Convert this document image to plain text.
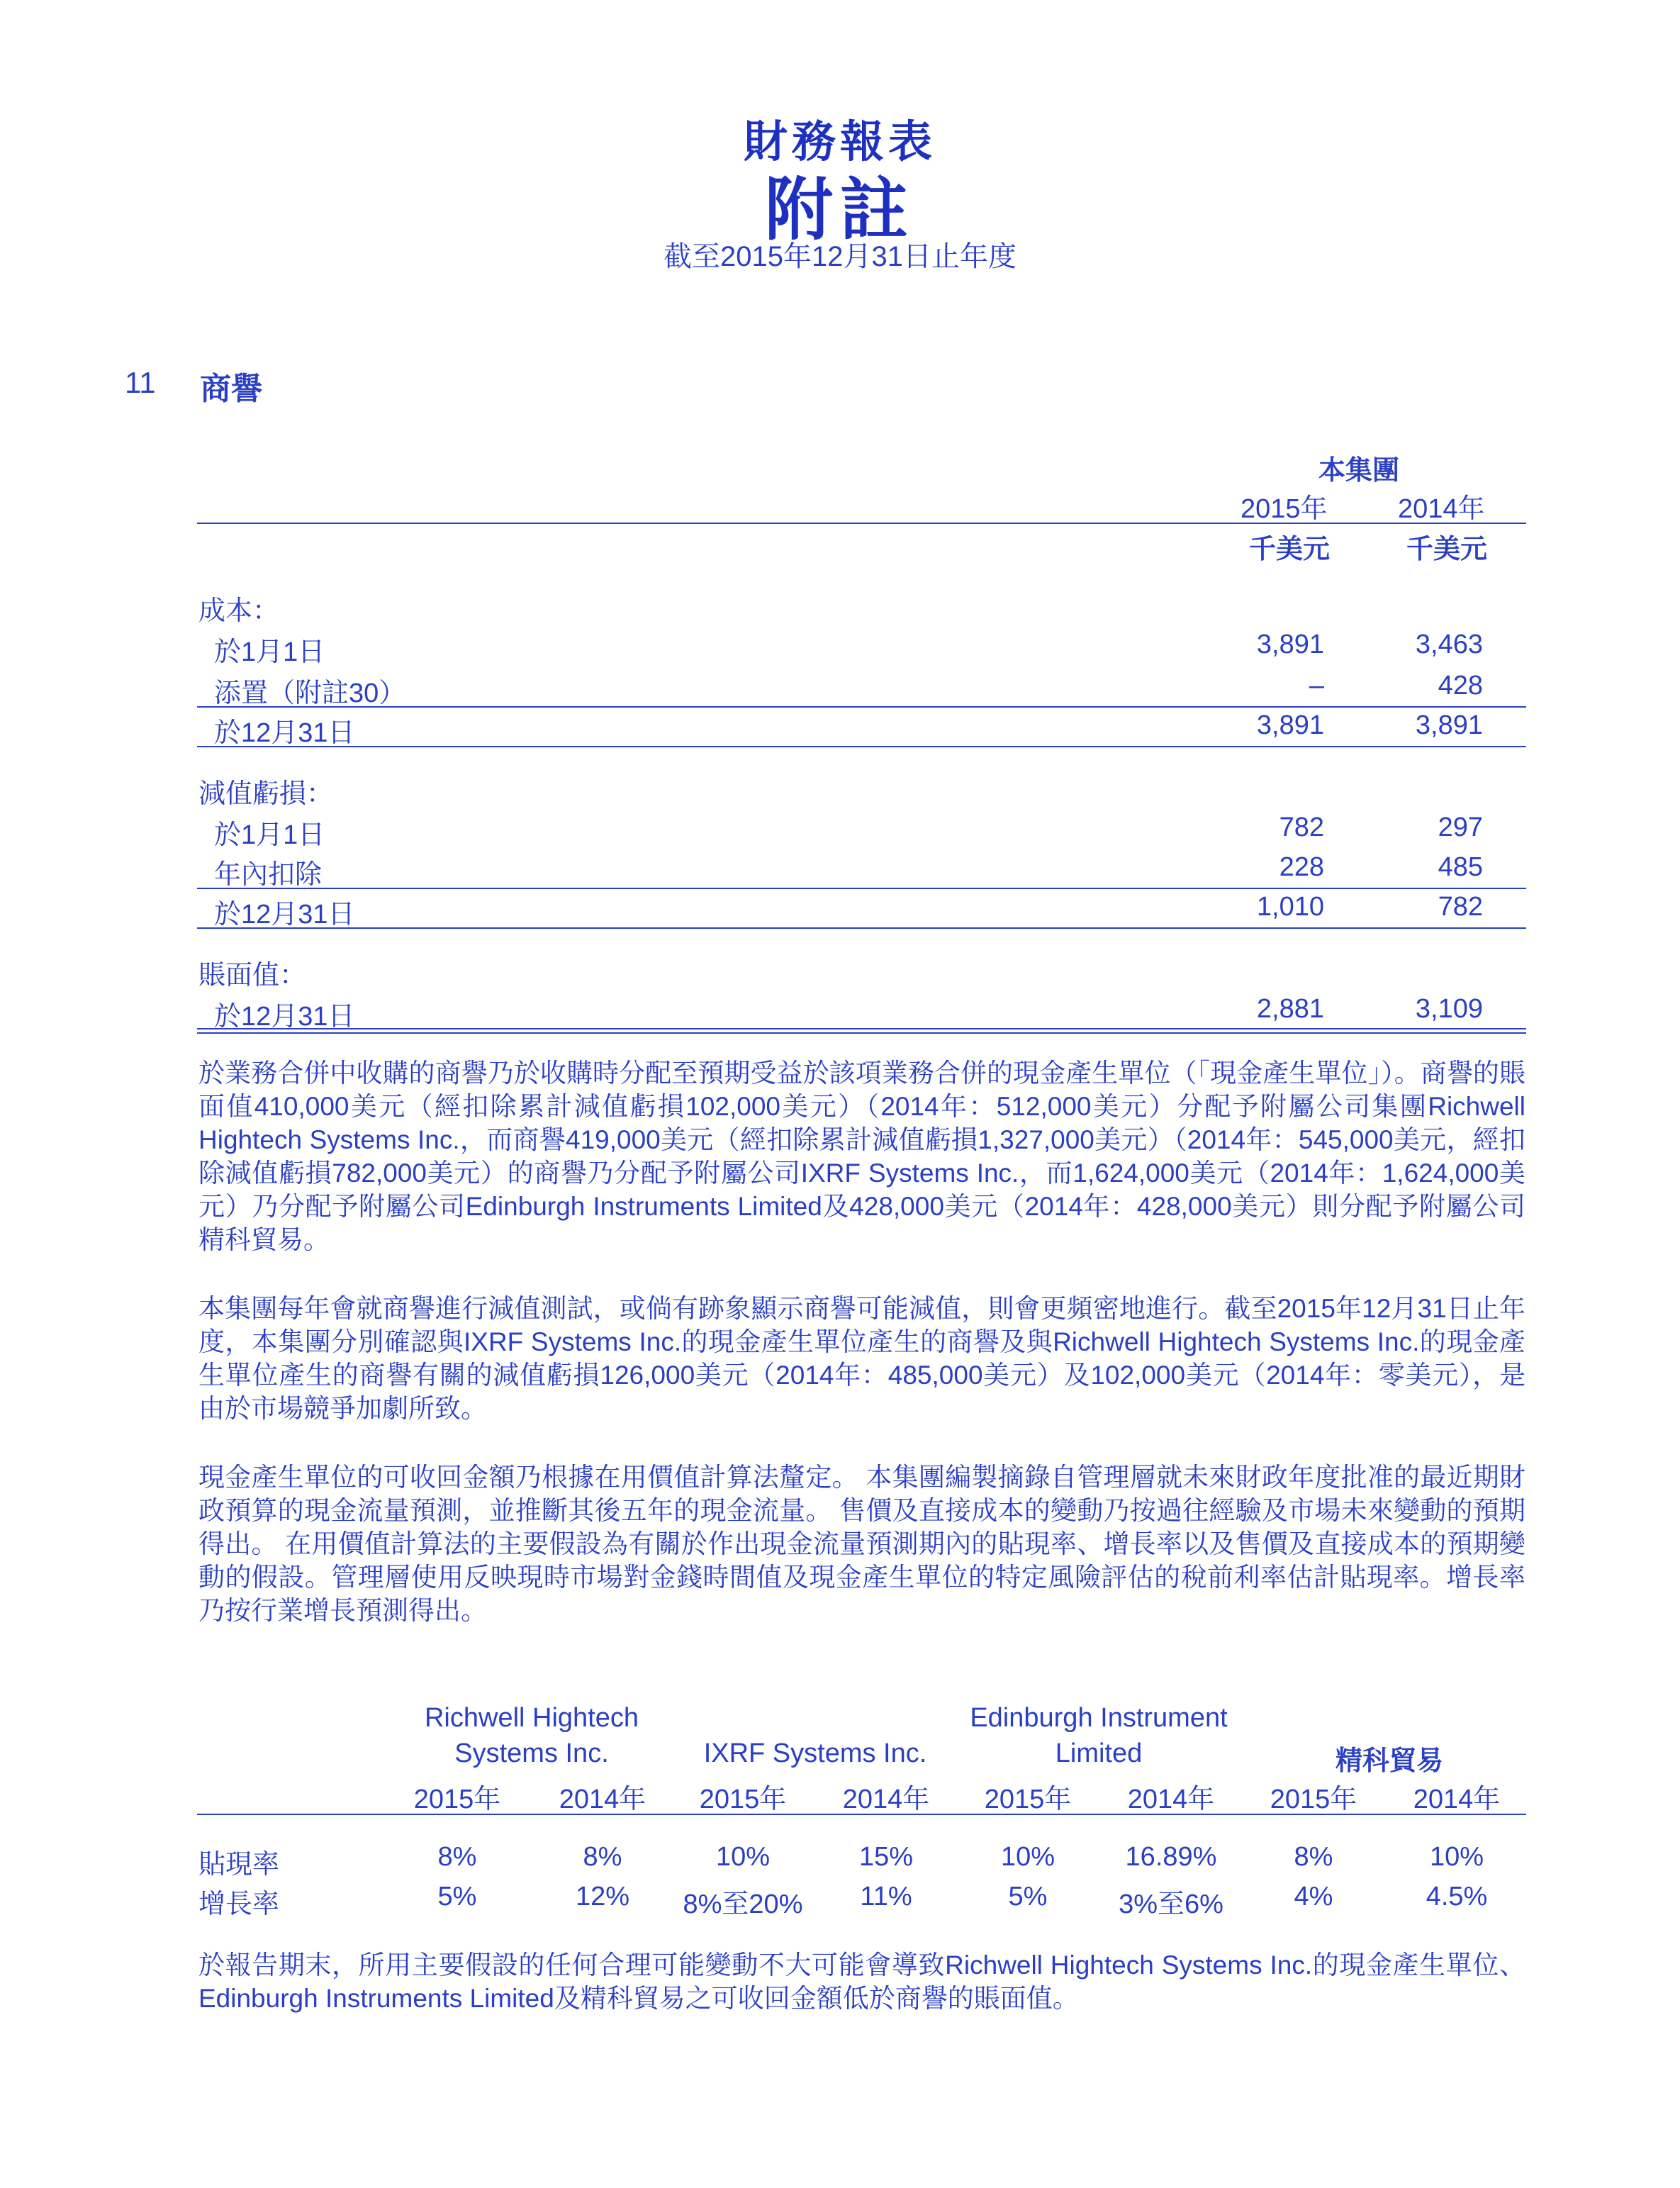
財務報表
附註
截至2015年12月31日止年度
11 商譽
本集團
2015年	2014年
千美元	千美元
成本：
於1月1日	3,891	3,463
添置（附註30）	–	428
於12月31日	3,891	3,891
減值虧損：
於1月1日	782	297
年內扣除	228	485
於12月31日	1,010	782
賬面值：
於12月31日	2,881	3,109
於業務合併中收購的商譽乃於收購時分配至預期受益於該項業務合併的現金產生單位（「現金產生單位」）。商譽的賬面值410,000美元（經扣除累計減值虧損102,000美元）（2014年：512,000美元）分配予附屬公司集團Richwell Hightech Systems Inc.，而商譽419,000美元（經扣除累計減值虧損1,327,000美元）（2014年：545,000美元，經扣除減值虧損782,000美元）的商譽乃分配予附屬公司IXRF Systems Inc.，而1,624,000美元（2014年：1,624,000美元）乃分配予附屬公司Edinburgh Instruments Limited及428,000美元（2014年：428,000美元）則分配予附屬公司精科貿易。
本集團每年會就商譽進行減值測試，或倘有跡象顯示商譽可能減值，則會更頻密地進行。截至2015年12月31日止年度，本集團分別確認與IXRF Systems Inc.的現金產生單位產生的商譽及與Richwell Hightech Systems Inc.的現金產生單位產生的商譽有關的減值虧損126,000美元（2014年：485,000美元）及102,000美元（2014年：零美元），是由於市場競爭加劇所致。
現金產生單位的可收回金額乃根據在用價值計算法釐定。 本集團編製摘錄自管理層就未來財政年度批准的最近期財政預算的現金流量預測，並推斷其後五年的現金流量。 售價及直接成本的變動乃按過往經驗及市場未來變動的預期得出。 在用價值計算法的主要假設為有關於作出現金流量預測期內的貼現率、增長率以及售價及直接成本的預期變動的假設。管理層使用反映現時市場對金錢時間值及現金產生單位的特定風險評估的稅前利率估計貼現率。增長率乃按行業增長預測得出。
Richwell Hightech
Systems Inc.	IXRF Systems Inc.
Edinburgh Instrument
Limited	精科貿易
2015年	2014年	2015年	2014年	2015年	2014年	2015年	2014年
貼現率	8%	8%	10%	15%	10%	16.89%	8%	10%
增長率	5%	12%	8%至20%	11%	5%	3%至6%	4%	4.5%
於報告期末，所用主要假設的任何合理可能變動不大可能會導致Richwell Hightech Systems Inc.的現金產生單位、Edinburgh Instruments Limited及精科貿易之可收回金額低於商譽的賬面值。
